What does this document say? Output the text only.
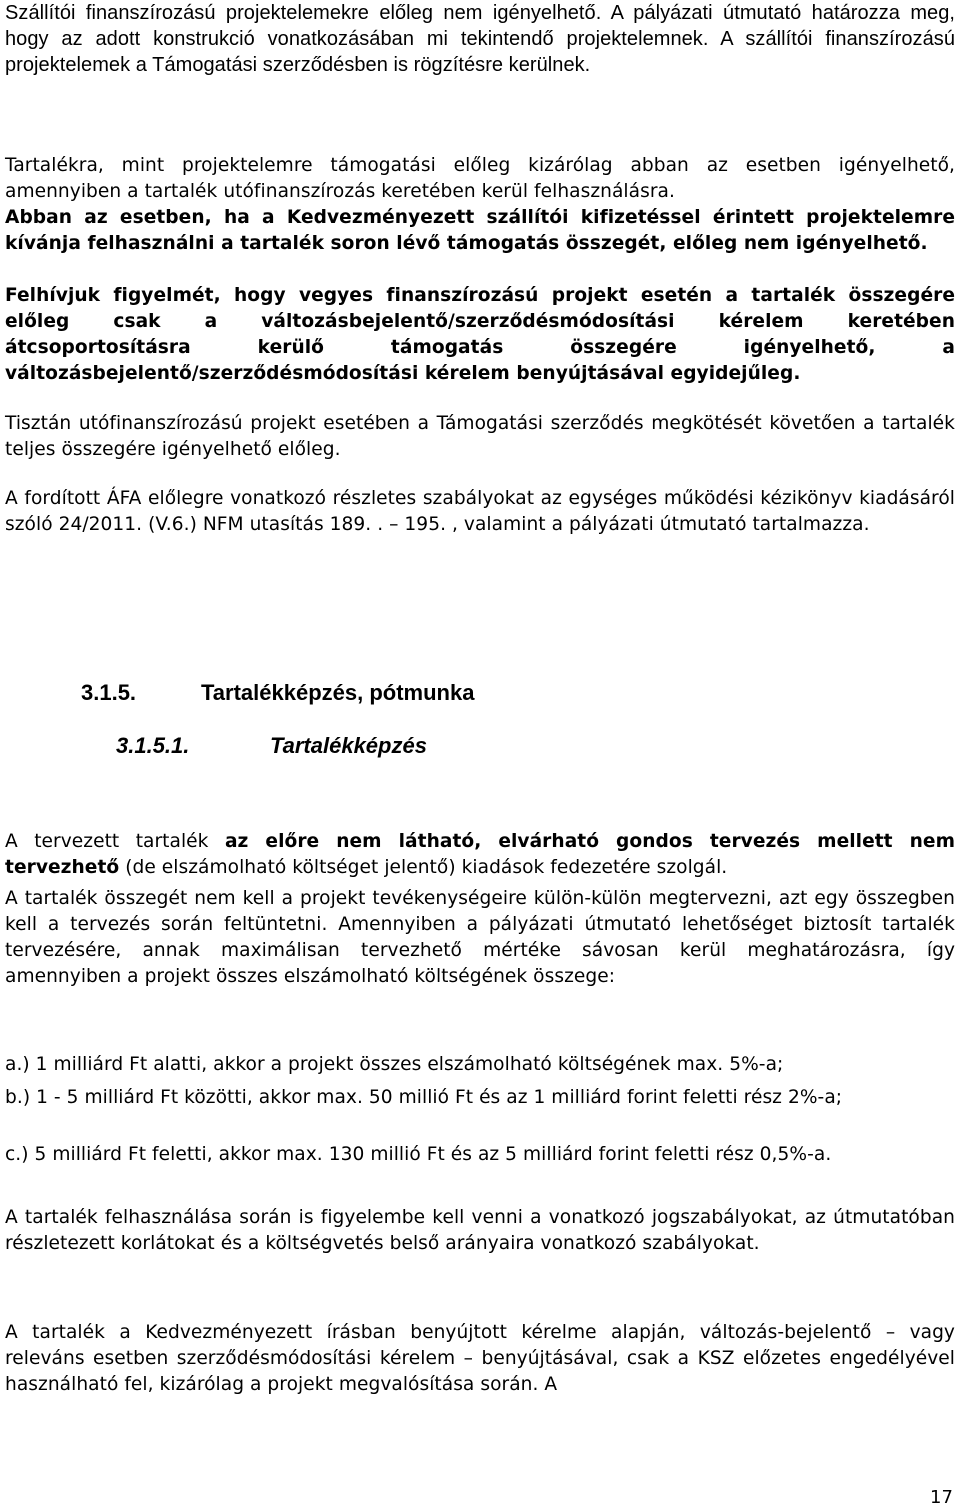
Szállítói finanszírozású projektelemekre előleg nem igényelhető. A pályázati útmutató határozza meg, hogy az adott konstrukció vonatkozásában mi tekintendő projektelemnek. A szállítói finanszírozású projektelemek a Támogatási szerződésben is rögzítésre kerülnek.

Tartalékra, mint projektelemre támogatási előleg kizárólag abban az esetben igényelhető, amennyiben a tartalék utófinanszírozás keretében kerül felhasználásra.

Abban az esetben, ha a Kedvezményezett szállítói kifizetéssel érintett projektelemre kívánja felhasználni a tartalék soron lévő támogatás összegét, előleg nem igényelhető.

Felhívjuk figyelmét, hogy vegyes finanszírozású projekt esetén a tartalék összegére előleg csak a változásbejelentő/szerződésmódosítási kérelem keretében átcsoportosításra kerülő támogatás összegére igényelhető, a változásbejelentő/szerződésmódosítási kérelem benyújtásával egyidejűleg.

Tisztán utófinanszírozású projekt esetében a Támogatási szerződés megkötését követően a tartalék teljes összegére igényelhető előleg.

A fordított ÁFA előlegre vonatkozó részletes szabályokat az egységes működési kézikönyv kiadásáról szóló 24/2011. (V.6.) NFM utasítás 189. . – 195. , valamint a pályázati útmutató tartalmazza.

3.1.5.	Tartalékképzés, pótmunka
3.1.5.1.	Tartalékképzés

A tervezett tartalék az előre nem látható, elvárható gondos tervezés mellett nem tervezhető (de elszámolható költséget jelentő) kiadások fedezetére szolgál.

A tartalék összegét nem kell a projekt tevékenységeire külön-külön megtervezni, azt egy összegben kell a tervezés során feltüntetni. Amennyiben a pályázati útmutató lehetőséget biztosít tartalék tervezésére, annak maximálisan tervezhető mértéke sávosan kerül meghatározásra, így amennyiben a projekt összes elszámolható költségének összege:

a.) 1 milliárd Ft alatti, akkor a projekt összes elszámolható költségének max. 5%-a;

b.) 1 - 5 milliárd Ft közötti, akkor max. 50 millió Ft és az 1 milliárd forint feletti rész 2%-a;

c.) 5 milliárd Ft feletti, akkor max. 130 millió Ft és az 5 milliárd forint feletti rész 0,5%-a.

A tartalék felhasználása során is figyelembe kell venni a vonatkozó jogszabályokat, az útmutatóban részletezett korlátokat és a költségvetés belső arányaira vonatkozó szabályokat.

A tartalék a Kedvezményezett írásban benyújtott kérelme alapján, változás-bejelentő – vagy releváns esetben szerződésmódosítási kérelem – benyújtásával, csak a KSZ előzetes engedélyével használható fel, kizárólag a projekt megvalósítása során. A

17
